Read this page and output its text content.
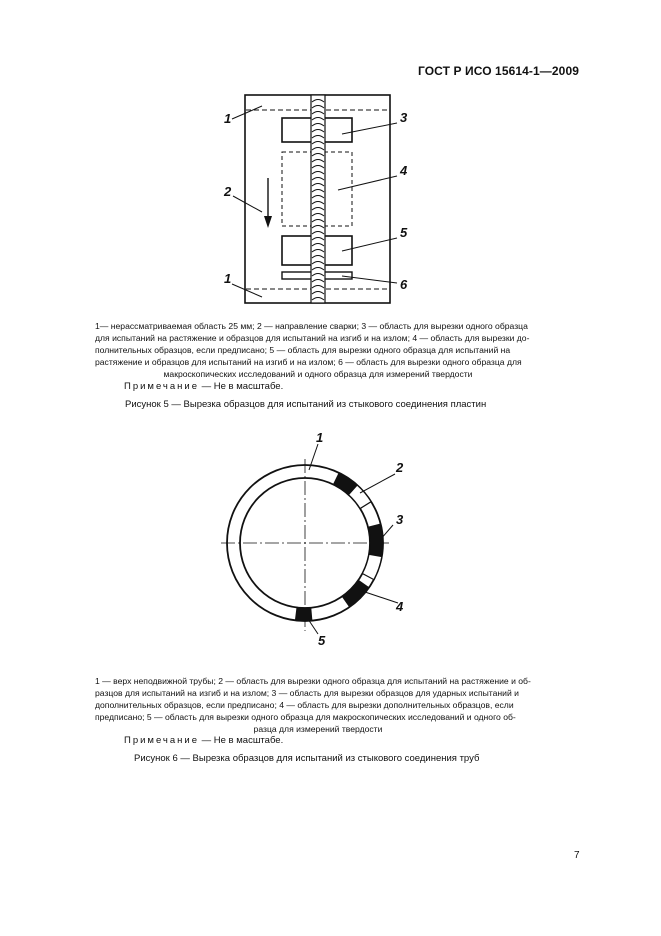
ГОСТ Р ИСО 15614-1—2009
1
2
3
4
5
6
1
1— нерассматриваемая область 25 мм; 2 — направление сварки; 3 — область для вырезки одного образца
для испытаний на растяжение и образцов для испытаний на изгиб и на излом; 4 — область для вырезки до-
полнительных образцов, если предписано; 5 — область для вырезки одного образца для испытаний на
растяжение и образцов для испытаний на изгиб и на излом; 6 — область для вырезки одного образца для
макроскопических исследований и одного образца для измерений твердости
Примечание — Не в масштабе.
Рисунок 5 — Вырезка образцов для испытаний из стыкового соединения пластин
1
2
3
4
5
1 — верх неподвижной трубы; 2 — область для вырезки одного образца для испытаний на растяжение и об-
разцов для испытаний на изгиб и на излом; 3 — область для вырезки образцов для ударных испытаний и
дополнительных образцов, если предписано; 4 — область для вырезки дополнительных образцов, если
предписано; 5 — область для вырезки одного образца для макроскопических исследований и одного об-
разца для измерений твердости
Примечание — Не в масштабе.
Рисунок 6 — Вырезка образцов для испытаний из стыкового соединения труб
7
